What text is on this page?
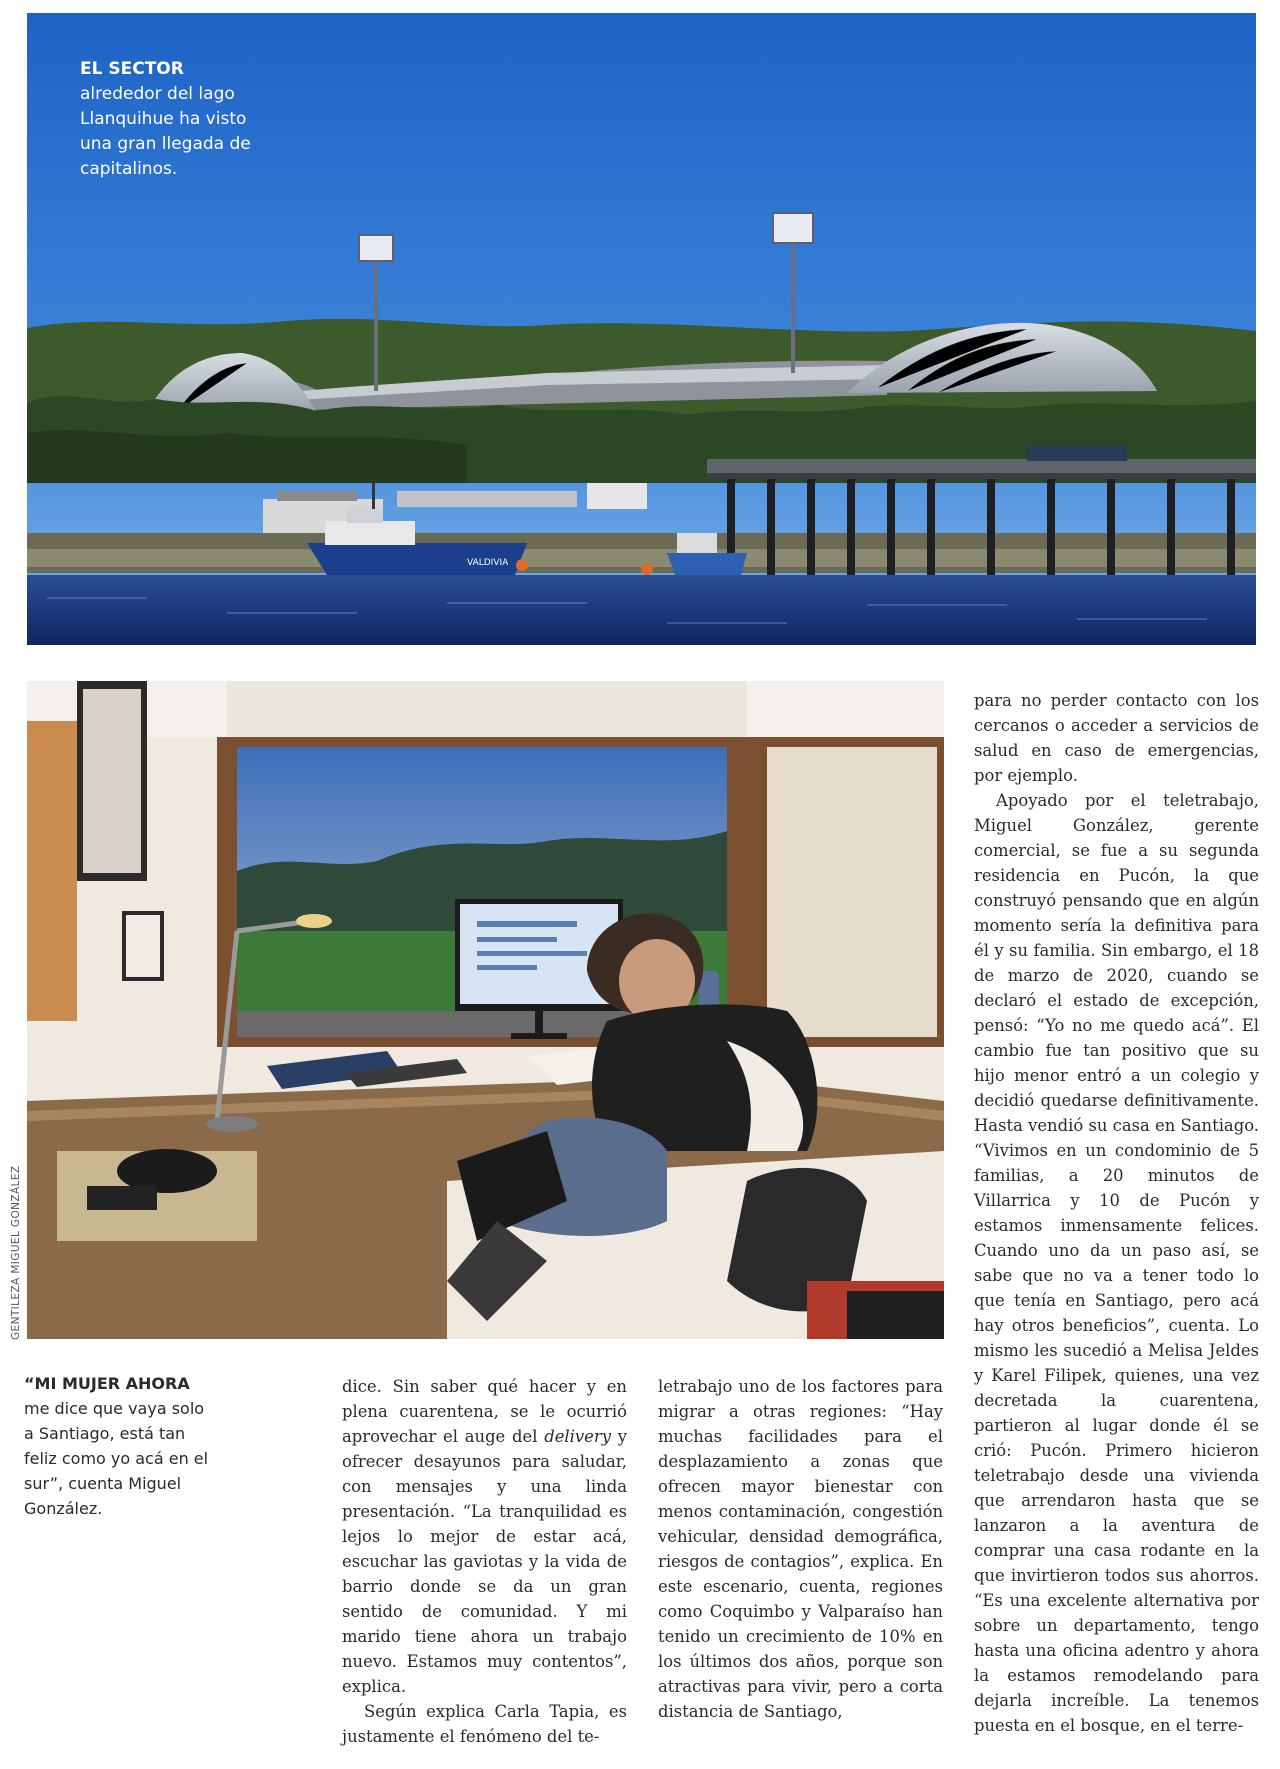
VALDIVIA
EL SECTOR
alrededor del lago Llanquihue ha visto una gran llegada de capitalinos.
GENTILEZA MIGUEL GONZÁLEZ
“MI MUJER AHORA
me dice que vaya solo a Santiago, está tan feliz como yo acá en el sur”, cuenta Miguel González.

dice. Sin saber qué hacer y en plena cuarentena, se le ocurrió aprovechar el auge del delivery y ofrecer desayunos para saludar, con mensajes y una linda presentación. “La tranquilidad es lejos lo mejor de estar acá, escuchar las gaviotas y la vida de barrio donde se da un gran sentido de comunidad. Y mi marido tiene ahora un trabajo nuevo. Estamos muy contentos”, explica.

Según explica Carla Tapia, es justamente el fenómeno del te-

letrabajo uno de los factores para migrar a otras regiones: “Hay muchas facilidades para el desplazamiento a zonas que ofrecen mayor bienestar con menos contaminación, congestión vehicular, densidad demográfica, riesgos de contagios”, explica. En este escenario, cuenta, regiones como Coquimbo y Valparaíso han tenido un crecimiento de 10% en los últimos dos años, porque son atractivas para vivir, pero a corta distancia de Santiago,

para no perder contacto con los cercanos o acceder a servicios de salud en caso de emergencias, por ejemplo.

Apoyado por el teletrabajo, Miguel González, gerente comercial, se fue a su segunda residencia en Pucón, la que construyó pensando que en algún momento sería la definitiva para él y su familia. Sin embargo, el 18 de marzo de 2020, cuando se declaró el estado de excepción, pensó: “Yo no me quedo acá”. El cambio fue tan positivo que su hijo menor entró a un colegio y decidió quedarse definitivamente. Hasta vendió su casa en Santiago. “Vivimos en un condominio de 5 familias, a 20 minutos de Villarrica y 10 de Pucón y estamos inmensamente felices. Cuando uno da un paso así, se sabe que no va a tener todo lo que tenía en Santiago, pero acá hay otros beneficios”, cuenta. Lo mismo les sucedió a Melisa Jeldes y Karel Filipek, quienes, una vez decretada la cuarentena, partieron al lugar donde él se crió: Pucón. Primero hicieron teletrabajo desde una vivienda que arrendaron hasta que se lanzaron a la aventura de comprar una casa rodante en la que invirtieron todos sus ahorros. “Es una excelente alternativa por sobre un departamento, tengo hasta una oficina adentro y ahora la estamos remodelando para dejarla increíble. La tenemos puesta en el bosque, en el terre-
